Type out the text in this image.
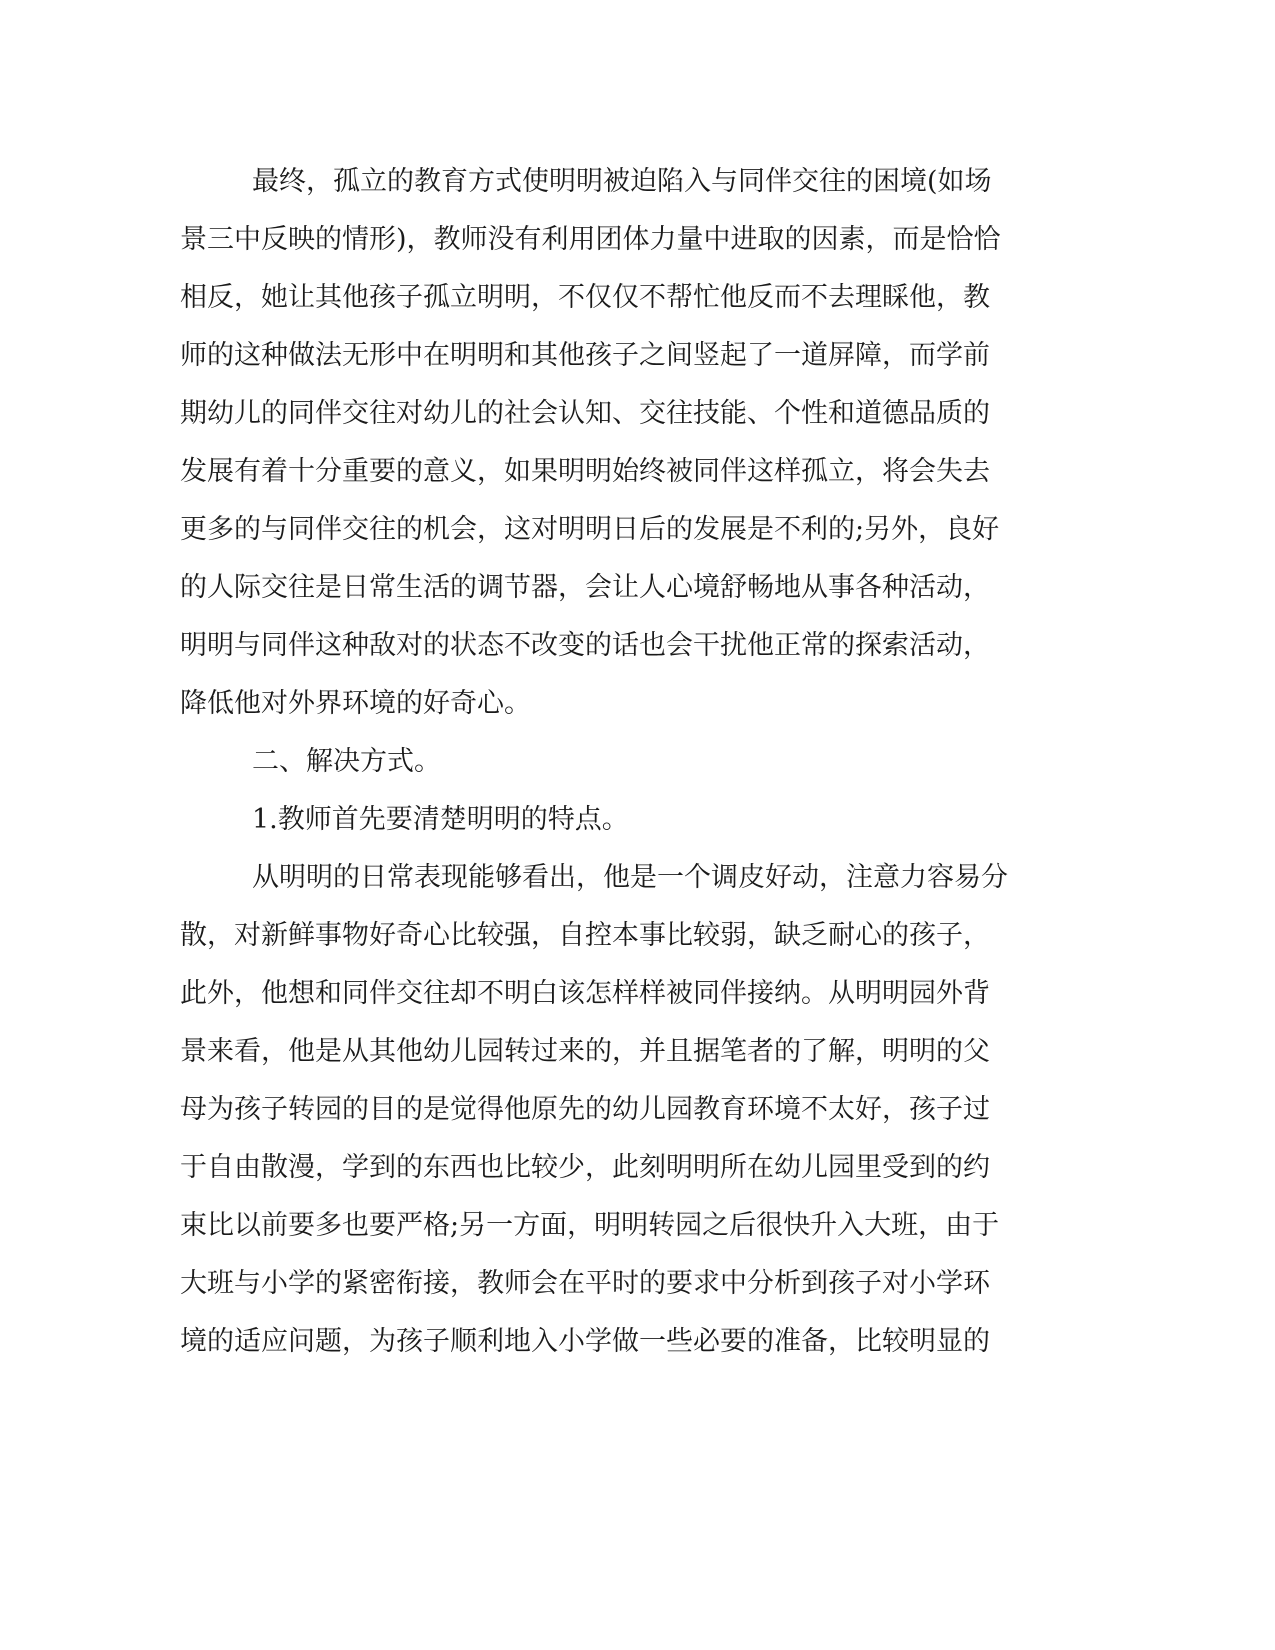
最终，孤立的教育方式使明明被迫陷入与同伴交往的困境(如场
景三中反映的情形)，教师没有利用团体力量中进取的因素，而是恰恰
相反，她让其他孩子孤立明明，不仅仅不帮忙他反而不去理睬他，教
师的这种做法无形中在明明和其他孩子之间竖起了一道屏障，而学前
期幼儿的同伴交往对幼儿的社会认知、交往技能、个性和道德品质的
发展有着十分重要的意义，如果明明始终被同伴这样孤立，将会失去
更多的与同伴交往的机会，这对明明日后的发展是不利的;另外，良好
的人际交往是日常生活的调节器，会让人心境舒畅地从事各种活动，
明明与同伴这种敌对的状态不改变的话也会干扰他正常的探索活动，
降低他对外界环境的好奇心。
二、解决方式。
1.教师首先要清楚明明的特点。
从明明的日常表现能够看出，他是一个调皮好动，注意力容易分
散，对新鲜事物好奇心比较强，自控本事比较弱，缺乏耐心的孩子，
此外，他想和同伴交往却不明白该怎样样被同伴接纳。从明明园外背
景来看，他是从其他幼儿园转过来的，并且据笔者的了解，明明的父
母为孩子转园的目的是觉得他原先的幼儿园教育环境不太好，孩子过
于自由散漫，学到的东西也比较少，此刻明明所在幼儿园里受到的约
束比以前要多也要严格;另一方面，明明转园之后很快升入大班，由于
大班与小学的紧密衔接，教师会在平时的要求中分析到孩子对小学环
境的适应问题，为孩子顺利地入小学做一些必要的准备，比较明显的
